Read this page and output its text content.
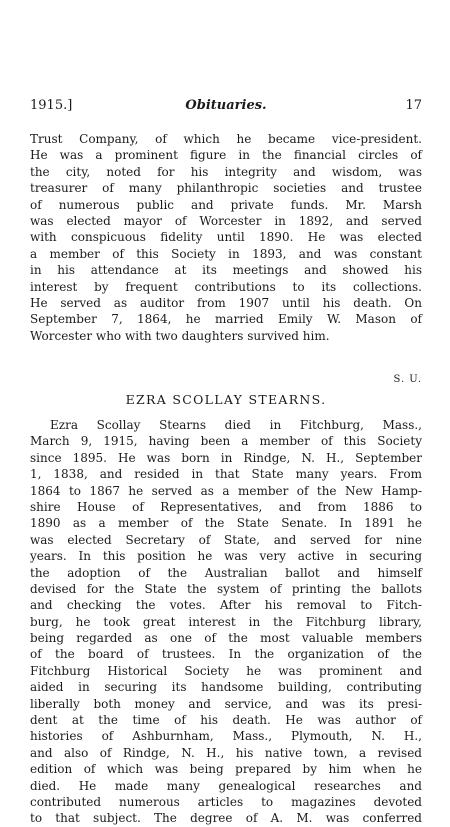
1915.]	Obituaries.	17
Trust Company, of which he became vice-president.
He was a prominent figure in the financial circles of
the city, noted for his integrity and wisdom, was
treasurer of many philanthropic societies and trustee
of numerous public and private funds. Mr. Marsh
was elected mayor of Worcester in 1892, and served
with conspicuous fidelity until 1890. He was elected
a member of this Society in 1893, and was constant
in his attendance at its meetings and showed his
interest by frequent contributions to its collections.
He served as auditor from 1907 until his death. On
September 7, 1864, he married Emily W. Mason of
Worcester who with two daughters survived him.
S. U.
EZRA SCOLLAY STEARNS.
Ezra Scollay Stearns died in Fitchburg, Mass.,
March 9, 1915, having been a member of this Society
since 1895. He was born in Rindge, N. H., September
1, 1838, and resided in that State many years. From
1864 to 1867 he served as a member of the New Hamp-
shire House of Representatives, and from 1886 to
1890 as a member of the State Senate. In 1891 he
was elected Secretary of State, and served for nine
years. In this position he was very active in securing
the adoption of the Australian ballot and himself
devised for the State the system of printing the ballots
and checking the votes. After his removal to Fitch-
burg, he took great interest in the Fitchburg library,
being regarded as one of the most valuable members
of the board of trustees. In the organization of the
Fitchburg Historical Society he was prominent and
aided in securing its handsome building, contributing
liberally both money and service, and was its presi-
dent at the time of his death. He was author of
histories of Ashburnham, Mass., Plymouth, N. H.,
and also of Rindge, N. H., his native town, a revised
edition of which was being prepared by him when he
died. He made many genealogical researches and
contributed numerous articles to magazines devoted
to that subject. The degree of A. M. was conferred
